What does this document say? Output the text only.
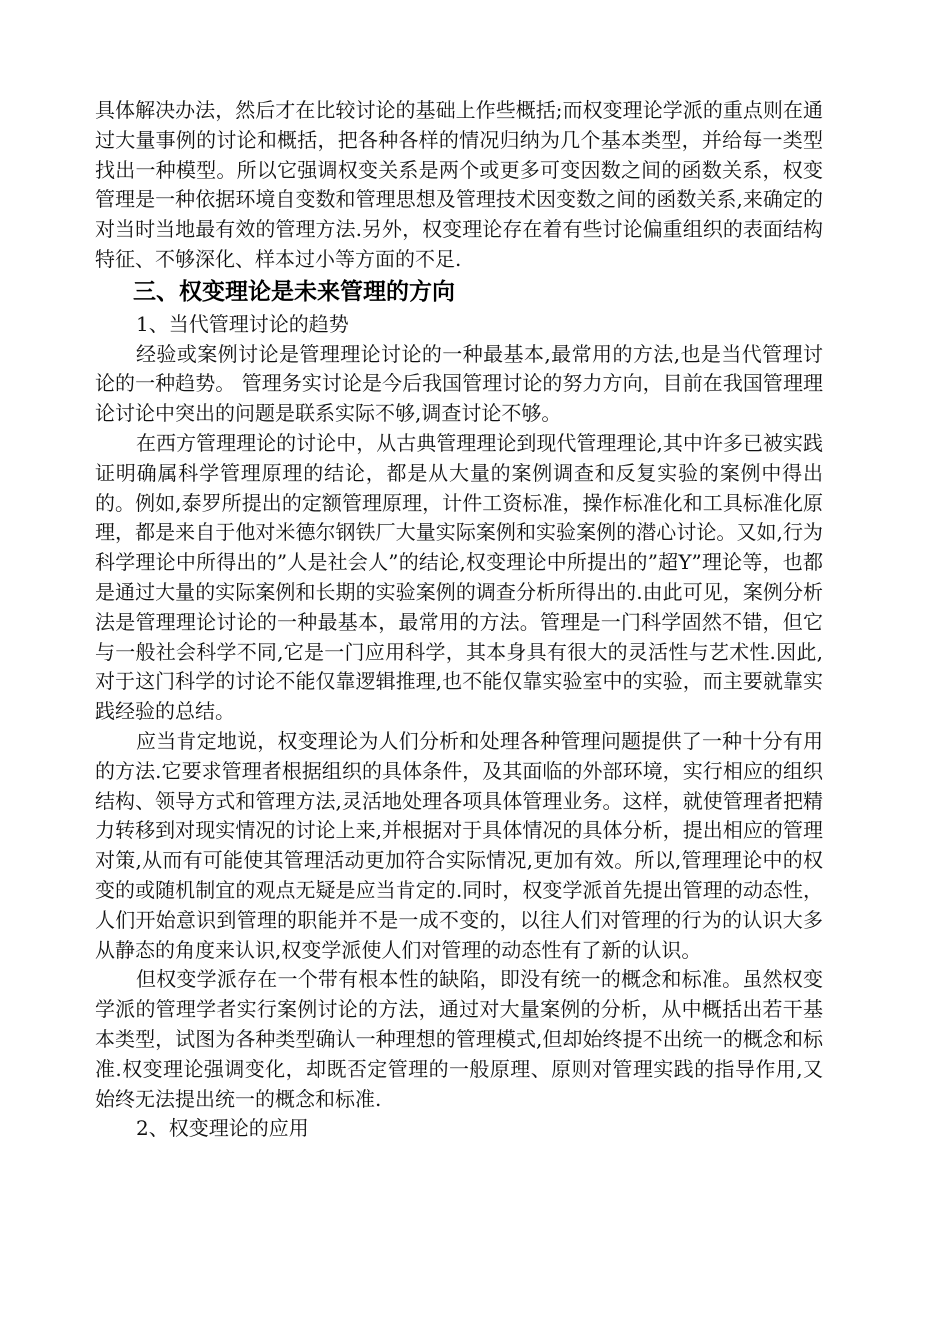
具体解决办法，然后才在比较讨论的基础上作些概括;而权变理论学派的重点则在通过大量事例的讨论和概括，把各种各样的情况归纳为几个基本类型，并给每一类型找出一种模型。所以它强调权变关系是两个或更多可变因数之间的函数关系，权变管理是一种依据环境自变数和管理思想及管理技术因变数之间的函数关系,来确定的对当时当地最有效的管理方法.另外，权变理论存在着有些讨论偏重组织的表面结构特征、不够深化、样本过小等方面的不足.

三、权变理论是未来管理的方向

1、当代管理讨论的趋势

经验或案例讨论是管理理论讨论的一种最基本,最常用的方法,也是当代管理讨论的一种趋势。 管理务实讨论是今后我国管理讨论的努力方向，目前在我国管理理论讨论中突出的问题是联系实际不够,调查讨论不够。

在西方管理理论的讨论中，从古典管理理论到现代管理理论,其中许多已被实践证明确属科学管理原理的结论，都是从大量的案例调查和反复实验的案例中得出的。例如,泰罗所提出的定额管理原理，计件工资标准，操作标准化和工具标准化原理，都是来自于他对米德尔钢铁厂大量实际案例和实验案例的潜心讨论。又如,行为科学理论中所得出的”人是社会人”的结论,权变理论中所提出的”超Y”理论等，也都是通过大量的实际案例和长期的实验案例的调查分析所得出的.由此可见，案例分析法是管理理论讨论的一种最基本，最常用的方法。管理是一门科学固然不错，但它与一般社会科学不同,它是一门应用科学，其本身具有很大的灵活性与艺术性.因此,对于这门科学的讨论不能仅靠逻辑推理,也不能仅靠实验室中的实验，而主要就靠实践经验的总结。

应当肯定地说，权变理论为人们分析和处理各种管理问题提供了一种十分有用的方法.它要求管理者根据组织的具体条件，及其面临的外部环境，实行相应的组织结构、领导方式和管理方法,灵活地处理各项具体管理业务。这样，就使管理者把精力转移到对现实情况的讨论上来,并根据对于具体情况的具体分析，提出相应的管理对策,从而有可能使其管理活动更加符合实际情况,更加有效。所以,管理理论中的权变的或随机制宜的观点无疑是应当肯定的.同时，权变学派首先提出管理的动态性，人们开始意识到管理的职能并不是一成不变的，以往人们对管理的行为的认识大多从静态的角度来认识,权变学派使人们对管理的动态性有了新的认识。

但权变学派存在一个带有根本性的缺陷，即没有统一的概念和标准。虽然权变学派的管理学者实行案例讨论的方法，通过对大量案例的分析，从中概括出若干基本类型，试图为各种类型确认一种理想的管理模式,但却始终提不出统一的概念和标准.权变理论强调变化，却既否定管理的一般原理、原则对管理实践的指导作用,又始终无法提出统一的概念和标准.

2、权变理论的应用
